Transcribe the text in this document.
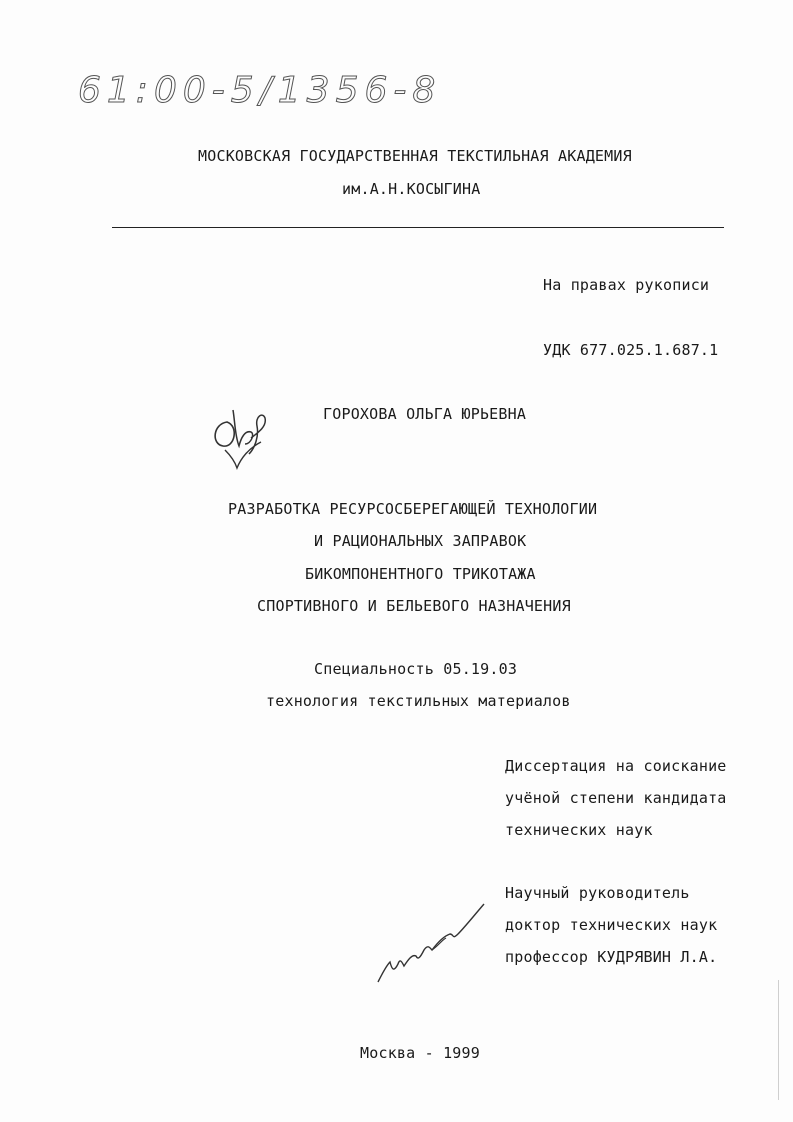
61:00-5/1356-8
МОСКОВСКАЯ ГОСУДАРСТВЕННАЯ ТЕКСТИЛЬНАЯ АКАДЕМИЯ
им.А.Н.КОСЫГИНА
На правах рукописи
УДК 677.025.1.687.1
ГОРОХОВА ОЛЬГА ЮРЬЕВНА
РАЗРАБОТКА РЕСУРСОСБЕРЕГАЮЩЕЙ ТЕХНОЛОГИИ
И РАЦИОНАЛЬНЫХ ЗАПРАВОК
БИКОМПОНЕНТНОГО ТРИКОТАЖА
СПОРТИВНОГО И БЕЛЬЕВОГО НАЗНАЧЕНИЯ
Специальность 05.19.03
технология текстильных материалов
Диссертация на соискание
учёной степени кандидата
технических наук
Научный руководитель
доктор технических наук
профессор КУДРЯВИН Л.А.
Москва - 1999
